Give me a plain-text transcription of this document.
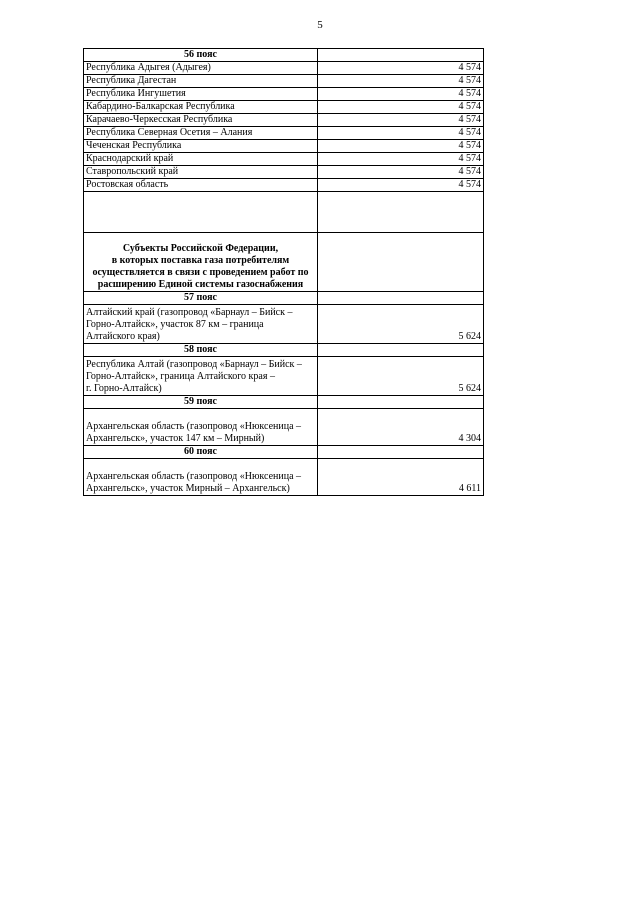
5
56 пояс	
Республика Адыгея (Адыгея)	4 574
Республика Дагестан	4 574
Республика Ингушетия	4 574
Кабардино-Балкарская Республика	4 574
Карачаево-Черкесская Республика	4 574
Республика Северная Осетия – Алания	4 574
Чеченская Республика	4 574
Краснодарский край	4 574
Ставропольский край	4 574
Ростовская область	4 574

Субъекты Российской Федерации,
в которых поставка газа потребителям
осуществляется в связи с проведением работ по
расширению Единой системы газоснабжения	
57 пояс	
Алтайский край (газопровод «Барнаул – Бийск –
Горно-Алтайск», участок 87 км – граница
Алтайского края)	5 624
58 пояс	
Республика Алтай (газопровод «Барнаул – Бийск –
Горно-Алтайск», граница Алтайского края –
г. Горно-Алтайск)	5 624
59 пояс	
Архангельская область (газопровод «Нюксеница –
Архангельск», участок 147 км – Мирный)	4 304
60 пояс	
Архангельская область (газопровод «Нюксеница –
Архангельск», участок Мирный – Архангельск)	4 611
